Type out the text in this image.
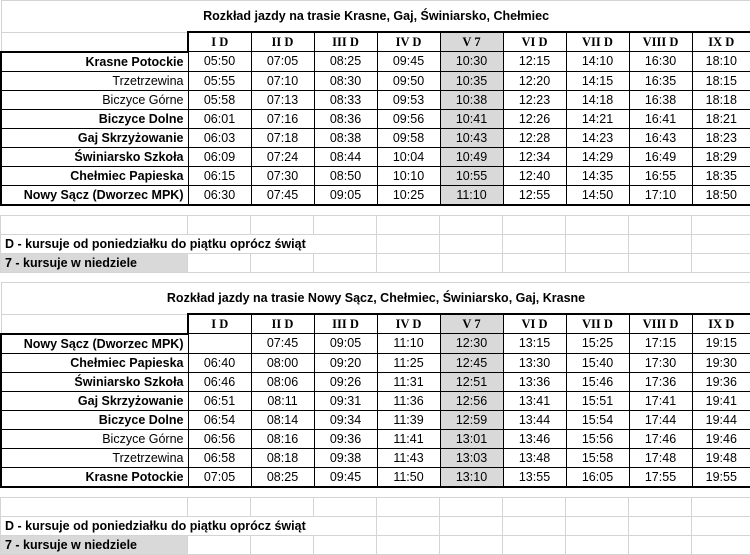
Rozkład jazdy na trasie Krasne, Gaj, Świniarsko, Chełmiec									
	I D	II D	III D	IV D	V 7	VI D	VII D	VIII D	IX D
Krasne Potockie	05:50	07:05	08:25	09:45	10:30	12:15	14:10	16:30	18:10
Trzetrzewina	05:55	07:10	08:30	09:50	10:35	12:20	14:15	16:35	18:15
Biczyce Górne	05:58	07:13	08:33	09:53	10:38	12:23	14:18	16:38	18:18
Biczyce Dolne	06:01	07:16	08:36	09:56	10:41	12:26	14:21	16:41	18:21
Gaj Skrzyżowanie	06:03	07:18	08:38	09:58	10:43	12:28	14:23	16:43	18:23
Świniarsko Szkoła	06:09	07:24	08:44	10:04	10:49	12:34	14:29	16:49	18:29
Chełmiec Papieska	06:15	07:30	08:50	10:10	10:55	12:40	14:35	16:55	18:35
Nowy Sącz (Dworzec MPK)	06:30	07:45	09:05	10:25	11:10	12:55	14:50	17:10	18:50

D - kursuje od poniedziałku do piątku oprócz świąt									
7 - kursuje w niedziele									
Rozkład jazdy na trasie Nowy Sącz, Chełmiec, Świniarsko, Gaj, Krasne									
	I D	II D	III D	IV D	V 7	VI D	VII D	VIII D	IX D
Nowy Sącz (Dworzec MPK)		07:45	09:05	11:10	12:30	13:15	15:25	17:15	19:15
Chełmiec Papieska	06:40	08:00	09:20	11:25	12:45	13:30	15:40	17:30	19:30
Świniarsko Szkoła	06:46	08:06	09:26	11:31	12:51	13:36	15:46	17:36	19:36
Gaj Skrzyżowanie	06:51	08:11	09:31	11:36	12:56	13:41	15:51	17:41	19:41
Biczyce Dolne	06:54	08:14	09:34	11:39	12:59	13:44	15:54	17:44	19:44
Biczyce Górne	06:56	08:16	09:36	11:41	13:01	13:46	15:56	17:46	19:46
Trzetrzewina	06:58	08:18	09:38	11:43	13:03	13:48	15:58	17:48	19:48
Krasne Potockie	07:05	08:25	09:45	11:50	13:10	13:55	16:05	17:55	19:55

D - kursuje od poniedziałku do piątku oprócz świąt									
7 - kursuje w niedziele									
